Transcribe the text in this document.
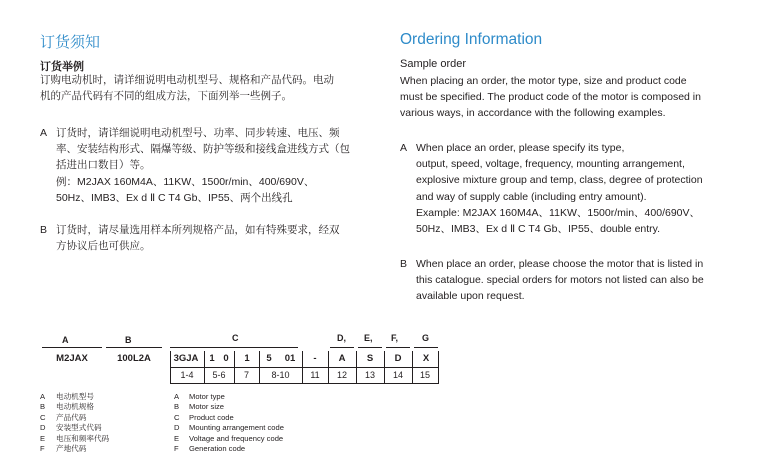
订货须知
订货举例
订购电动机时，请详细说明电动机型号、规格和产品代码。电动
机的产品代码有不同的组成方法，下面列举一些例子。
A 订货时，请详细说明电动机型号、功率、同步转速、电压、频
率、安装结构形式、隔爆等级、防护等级和接线盒进线方式（包
括进出口数目）等。
例：M2JAX 160M4A、11KW、1500r/min、400/690V、
50Hz、IMB3、Ex d Ⅱ C T4 Gb、IP55、两个出线孔
B 订货时，请尽量选用样本所列规格产品，如有特殊要求，经双
方协议后也可供应。
Ordering Information
Sample order
When placing an order, the motor type, size and product code
must be specified. The product code of the motor is composed in
various ways, in accordance with the following examples.
A When place an order, please specify its type,
output, speed, voltage, frequency, mounting arrangement,
explosive mixture group and temp, class, degree of protection
and way of supply cable (including entry amount).
Example: M2JAX 160M4A、11KW、1500r/min、400/690V、
50Hz、IMB3、Ex d Ⅱ C T4 Gb、IP55、double entry.
B When place an order, please choose the motor that is listed in
this catalogue. special orders for motors not listed can also be
available upon request.
A	B	C	D, E, F,	G
M2JAX	100L2A	3GJA	1 0	1	5	01	-	A	S	D	X
1-4	5-6	7	8-10	11	12	13	14	15
A 电动机型号
B 电动机规格
C 产品代码
D 安装型式代码
E 电压和频率代码
F 产地代码
A Motor type
B Motor size
C Product code
D Mounting arrangement code
E Voltage and frequency code
F Generation code
